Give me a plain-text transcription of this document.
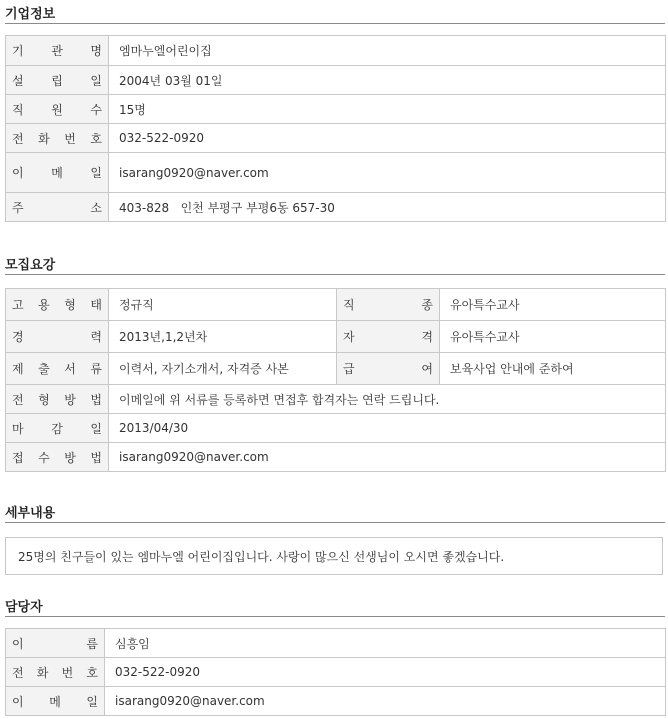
기업정보
기 관 명	엠마누엘어린이집

설 립 일	2004년 03월 01일

직 원 수	15명

전 화 번 호	032-522-0920

이 메 일	isarang0920@naver.com

주 소	403-828   인천 부평구 부평6동 657-30
모집요강
고 용 형 태	정규직	직 종	유아특수교사

경 력	2013년,1,2년차	자 격	유아특수교사

제 출 서 류	이력서, 자기소개서, 자격증 사본	급 여	보육사업 안내에 준하여

전 형 방 법	이메일에 위 서류를 등록하면 면접후 합격자는 연락 드립니다.		

마 감 일	2013/04/30		

접 수 방 법	isarang0920@naver.com		
세부내용
25명의 친구들이 있는 엠마누엘 어린이집입니다. 사랑이 많으신 선생님이 오시면 좋겠습니다.
담당자
이 름	심흥임

전 화 번 호	032-522-0920

이 메 일	isarang0920@naver.com
